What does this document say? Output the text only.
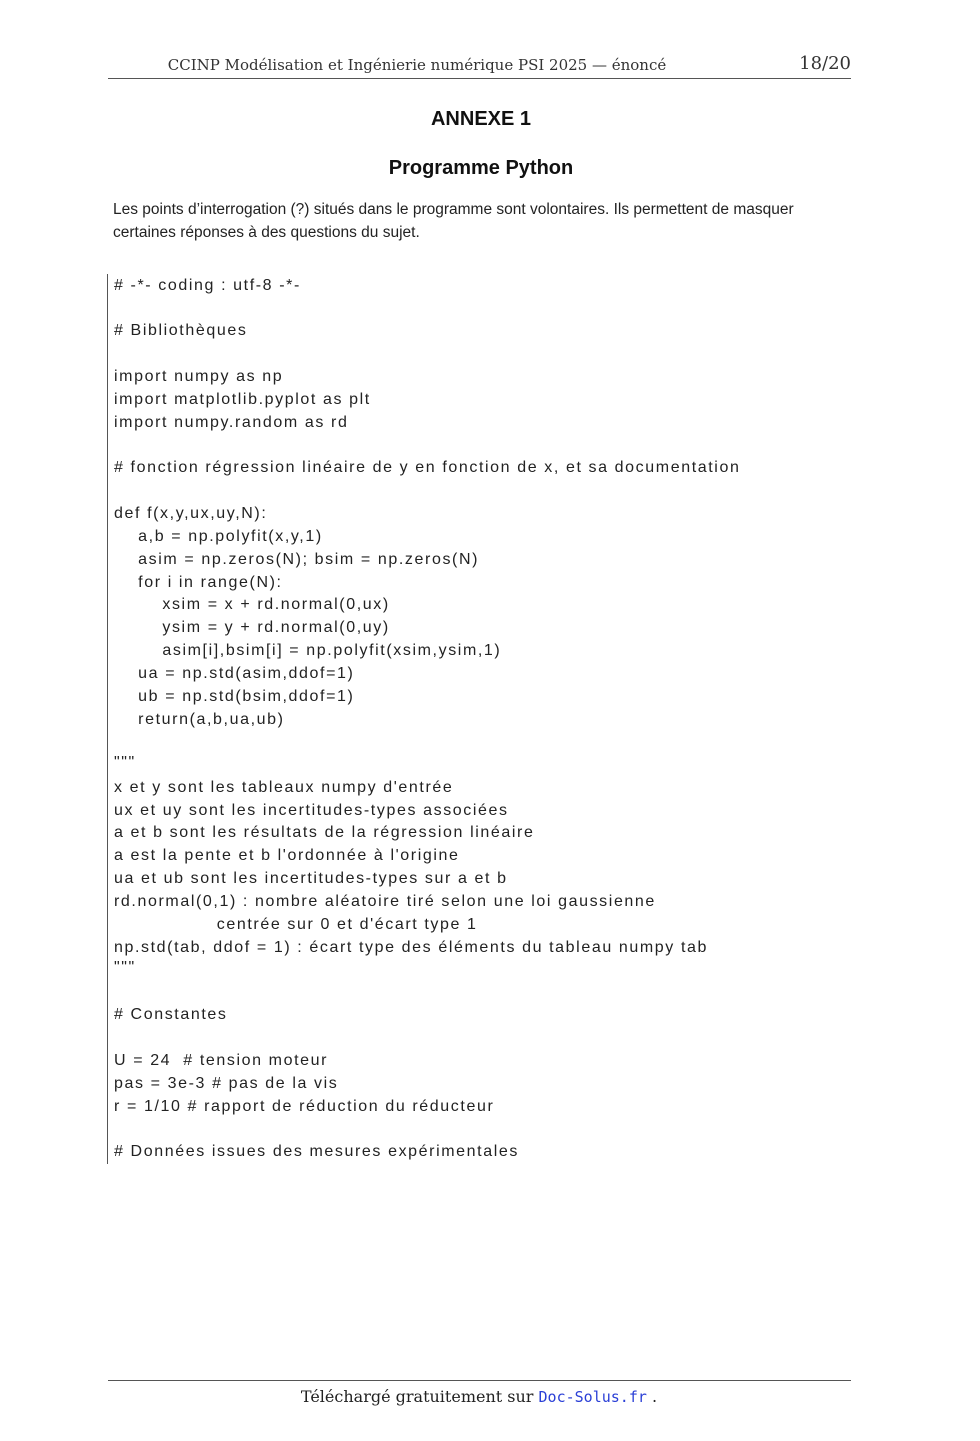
CCINP Modélisation et Ingénierie numérique PSI 2025 — énoncé	18/20
ANNEXE 1
Programme Python
Les points d’interrogation (?) situés dans le programme sont volontaires. Ils permettent de masquer certaines réponses à des questions du sujet.
# -*- coding : utf-8 -*-
# Bibliothèques
import numpy as np
import matplotlib.pyplot as plt
import numpy.random as rd
# fonction régression linéaire de y en fonction de x, et sa documentation
def f(x,y,ux,uy,N):
a,b = np.polyfit(x,y,1)
asim = np.zeros(N); bsim = np.zeros(N)
for i in range(N):
xsim = x + rd.normal(0,ux)
ysim = y + rd.normal(0,uy)
asim[i],bsim[i] = np.polyfit(xsim,ysim,1)
ua = np.std(asim,ddof=1)
ub = np.std(bsim,ddof=1)
return(a,b,ua,ub)
"""
x et y sont les tableaux numpy d'entrée
ux et uy sont les incertitudes-types associées
a et b sont les résultats de la régression linéaire
a est la pente et b l'ordonnée à l'origine
ua et ub sont les incertitudes-types sur a et b
rd.normal(0,1) : nombre aléatoire tiré selon une loi gaussienne
centrée sur 0 et d'écart type 1
np.std(tab, ddof = 1) : écart type des éléments du tableau numpy tab
"""
# Constantes
U = 24  # tension moteur
pas = 3e-3 # pas de la vis
r = 1/10 # rapport de réduction du réducteur
# Données issues des mesures expérimentales
Téléchargé gratuitement sur Doc-Solus.fr .
